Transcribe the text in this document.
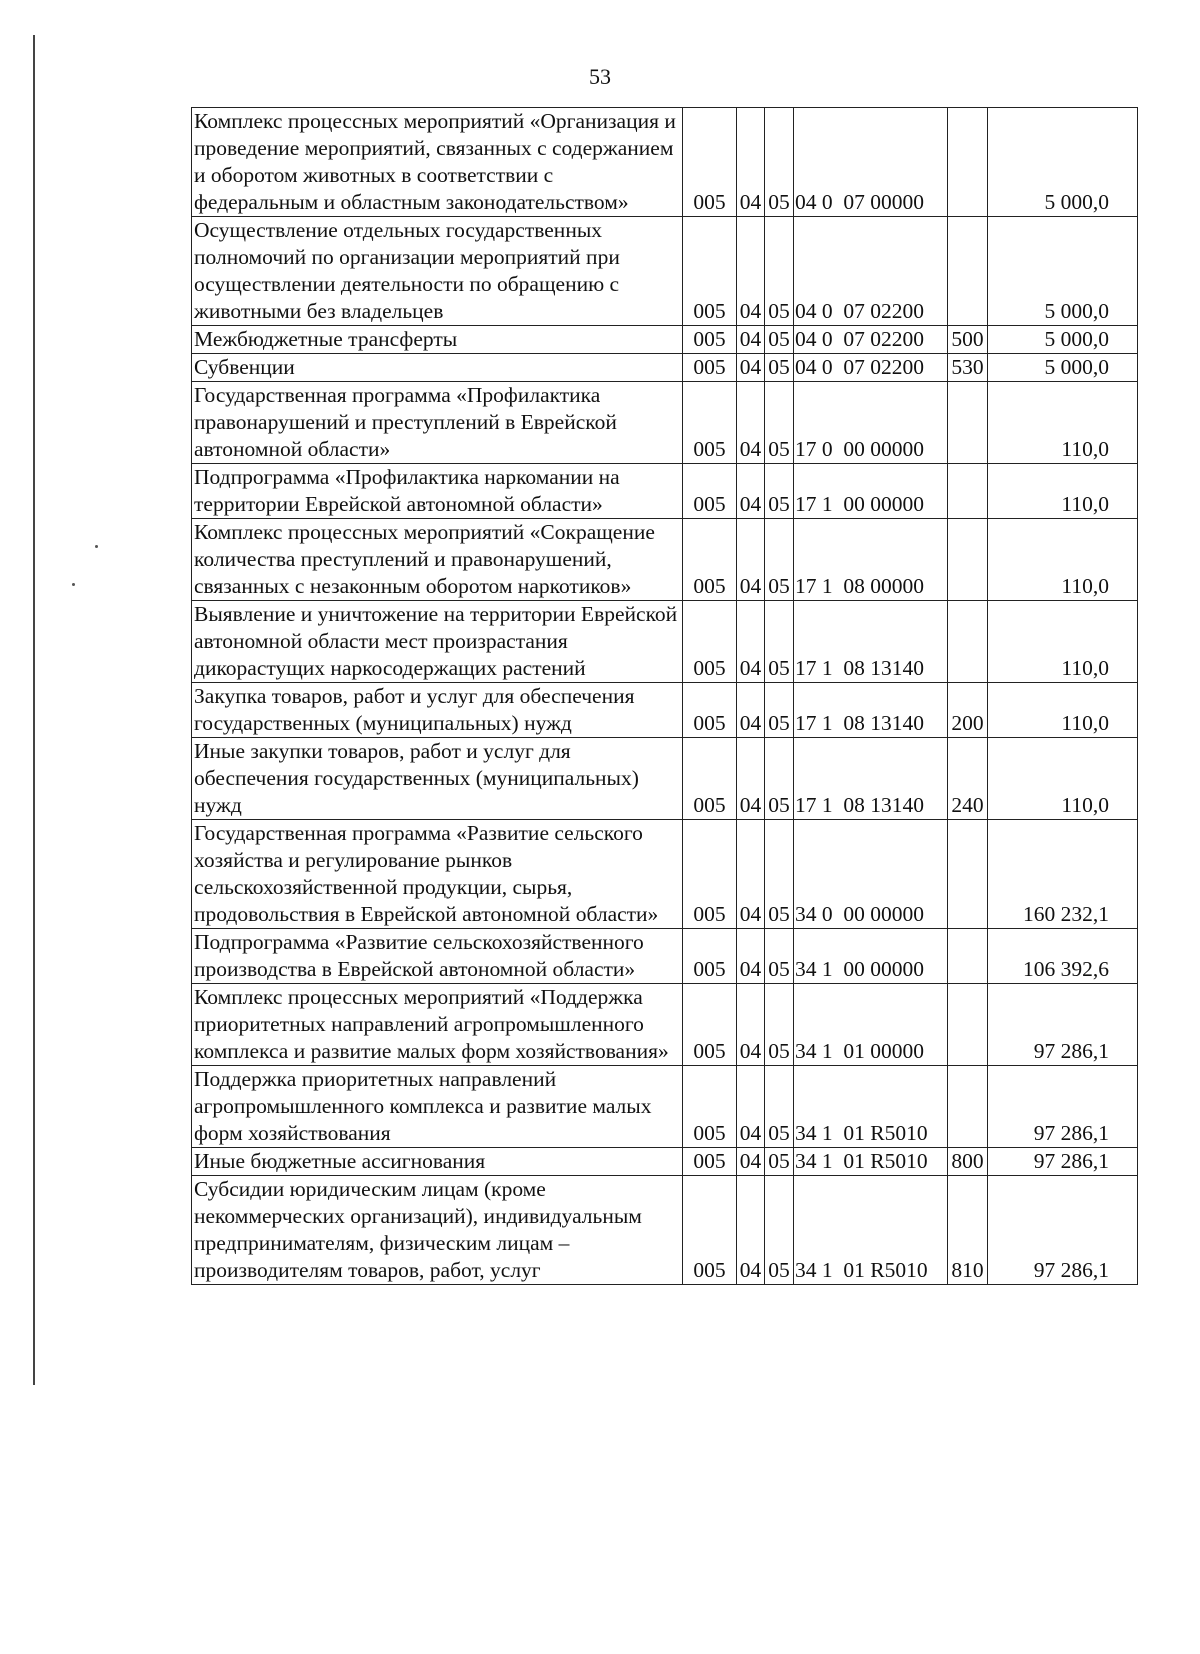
53
Комплекс процессных мероприятий «Организация и проведение мероприятий, связанных с содержанием и оборотом животных в соответствии с федеральным и областным законодательством»	005	04	05	04 0  07 00000		5 000,0
Осуществление отдельных государственных полномочий по организации мероприятий при осуществлении деятельности по обращению с животными без владельцев	005	04	05	04 0  07 02200		5 000,0
Межбюджетные трансферты	005	04	05	04 0  07 02200	500	5 000,0
Субвенции	005	04	05	04 0  07 02200	530	5 000,0
Государственная программа «Профилактика правонарушений и преступлений в Еврейской автономной области»	005	04	05	17 0  00 00000		110,0
Подпрограмма «Профилактика наркомании на территории Еврейской автономной области»	005	04	05	17 1  00 00000		110,0
Комплекс процессных мероприятий «Сокращение количества преступлений и правонарушений, связанных с незаконным оборотом наркотиков»	005	04	05	17 1  08 00000		110,0
Выявление и уничтожение на территории Еврейской автономной области мест произрастания дикорастущих наркосодержащих растений	005	04	05	17 1  08 13140		110,0
Закупка товаров, работ и услуг для обеспечения государственных (муниципальных) нужд	005	04	05	17 1  08 13140	200	110,0
Иные закупки товаров, работ и услуг для обеспечения государственных (муниципальных) нужд	005	04	05	17 1  08 13140	240	110,0
Государственная программа «Развитие сельского хозяйства и регулирование рынков сельскохозяйственной продукции, сырья, продовольствия в Еврейской автономной области»	005	04	05	34 0  00 00000		160 232,1
Подпрограмма «Развитие сельскохозяйственного производства в Еврейской автономной области»	005	04	05	34 1  00 00000		106 392,6
Комплекс процессных мероприятий «Поддержка приоритетных направлений агропромышленного комплекса и развитие малых форм хозяйствования»	005	04	05	34 1  01 00000		97 286,1
Поддержка приоритетных направлений агропромышленного комплекса и развитие малых форм хозяйствования	005	04	05	34 1  01 R5010		97 286,1
Иные бюджетные ассигнования	005	04	05	34 1  01 R5010	800	97 286,1
Субсидии юридическим лицам (кроме некоммерческих организаций), индивидуальным предпринимателям, физическим лицам – производителям товаров, работ, услуг	005	04	05	34 1  01 R5010	810	97 286,1
